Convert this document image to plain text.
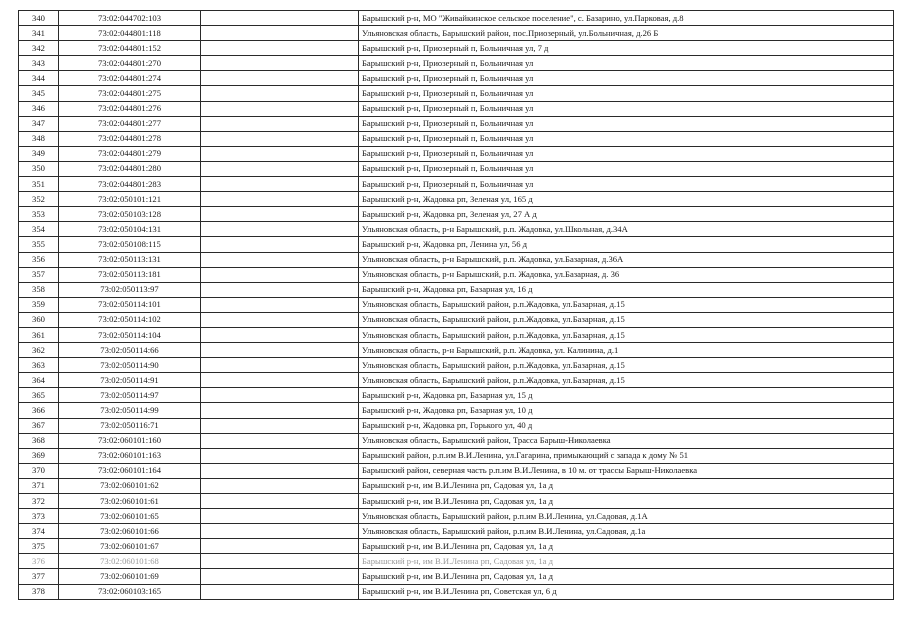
340	73:02:044702:103		Барышский р-н, МО "Живайкинское сельское поселение", с. Базарино, ул.Парковая, д.8
341	73:02:044801:118		Ульяновская область, Барышский район, пос.Приозерный, ул.Больничная, д.26 Б
342	73:02:044801:152		Барышский р-н, Приозерный п, Больничная ул, 7 д
343	73:02:044801:270		Барышский р-н, Приозерный п, Больничная ул
344	73:02:044801:274		Барышский р-н, Приозерный п, Больничная ул
345	73:02:044801:275		Барышский р-н, Приозерный п, Больничная ул
346	73:02:044801:276		Барышский р-н, Приозерный п, Больничная ул
347	73:02:044801:277		Барышский р-н, Приозерный п, Больничная ул
348	73:02:044801:278		Барышский р-н, Приозерный п, Больничная ул
349	73:02:044801:279		Барышский р-н, Приозерный п, Больничная ул
350	73:02:044801:280		Барышский р-н, Приозерный п, Больничная ул
351	73:02:044801:283		Барышский р-н, Приозерный п, Больничная ул
352	73:02:050101:121		Барышский р-н, Жадовка рп, Зеленая ул, 165 д
353	73:02:050103:128		Барышский р-н, Жадовка рп, Зеленая ул, 27 А д
354	73:02:050104:131		Ульяновская область, р-н Барышский, р.п. Жадовка, ул.Школьная, д.34А
355	73:02:050108:115		Барышский р-н, Жадовка рп, Ленина ул, 56 д
356	73:02:050113:131		Ульяновская область, р-н Барышский, р.п. Жадовка, ул.Базарная, д.36А
357	73:02:050113:181		Ульяновская область, р-н Барышский, р.п. Жадовка, ул.Базарная, д. 36
358	73:02:050113:97		Барышский р-н, Жадовка рп, Базарная ул, 16 д
359	73:02:050114:101		Ульяновская область, Барышский район, р.п.Жадовка, ул.Базарная, д.15
360	73:02:050114:102		Ульяновская область, Барышский район, р.п.Жадовка, ул.Базарная, д.15
361	73:02:050114:104		Ульяновская область, Барышский район, р.п.Жадовка, ул.Базарная, д.15
362	73:02:050114:66		Ульяновская область, р-н Барышский, р.п. Жадовка, ул. Калинина, д.1
363	73:02:050114:90		Ульяновская область, Барышский район, р.п.Жадовка, ул.Базарная, д.15
364	73:02:050114:91		Ульяновская область, Барышский район, р.п.Жадовка, ул.Базарная, д.15
365	73:02:050114:97		Барышский р-н, Жадовка рп, Базарная ул, 15 д
366	73:02:050114:99		Барышский р-н, Жадовка рп, Базарная ул, 10 д
367	73:02:050116:71		Барышский р-н, Жадовка рп, Горького ул, 40 д
368	73:02:060101:160		Ульяновская область, Барышский район, Трасса Барыш-Николаевка
369	73:02:060101:163		Барышский район, р.п.им В.И.Ленина, ул.Гагарина, примыкающий с запада к дому № 51
370	73:02:060101:164		Барышский район, северная часть р.п.им В.И.Ленина, в 10 м. от трассы Барыш-Николаевка
371	73:02:060101:62		Барышский р-н, им В.И.Ленина рп, Садовая ул, 1а д
372	73:02:060101:61		Барышский р-н, им В.И.Ленина рп, Садовая ул, 1а д
373	73:02:060101:65		Ульяновская область, Барышский район, р.п.им В.И.Ленина, ул.Садовая, д.1А
374	73:02:060101:66		Ульяновская область, Барышский район, р.п.им В.И.Ленина, ул.Садовая, д.1а
375	73:02:060101:67		Барышский р-н, им В.И.Ленина рп, Садовая ул, 1а д
376	73:02:060101:68		Барышский р-н, им В.И.Ленина рп, Садовая ул, 1а д
377	73:02:060101:69		Барышский р-н, им В.И.Ленина рп, Садовая ул, 1а д
378	73:02:060103:165		Барышский р-н, им В.И.Ленина рп, Советская ул, 6 д
